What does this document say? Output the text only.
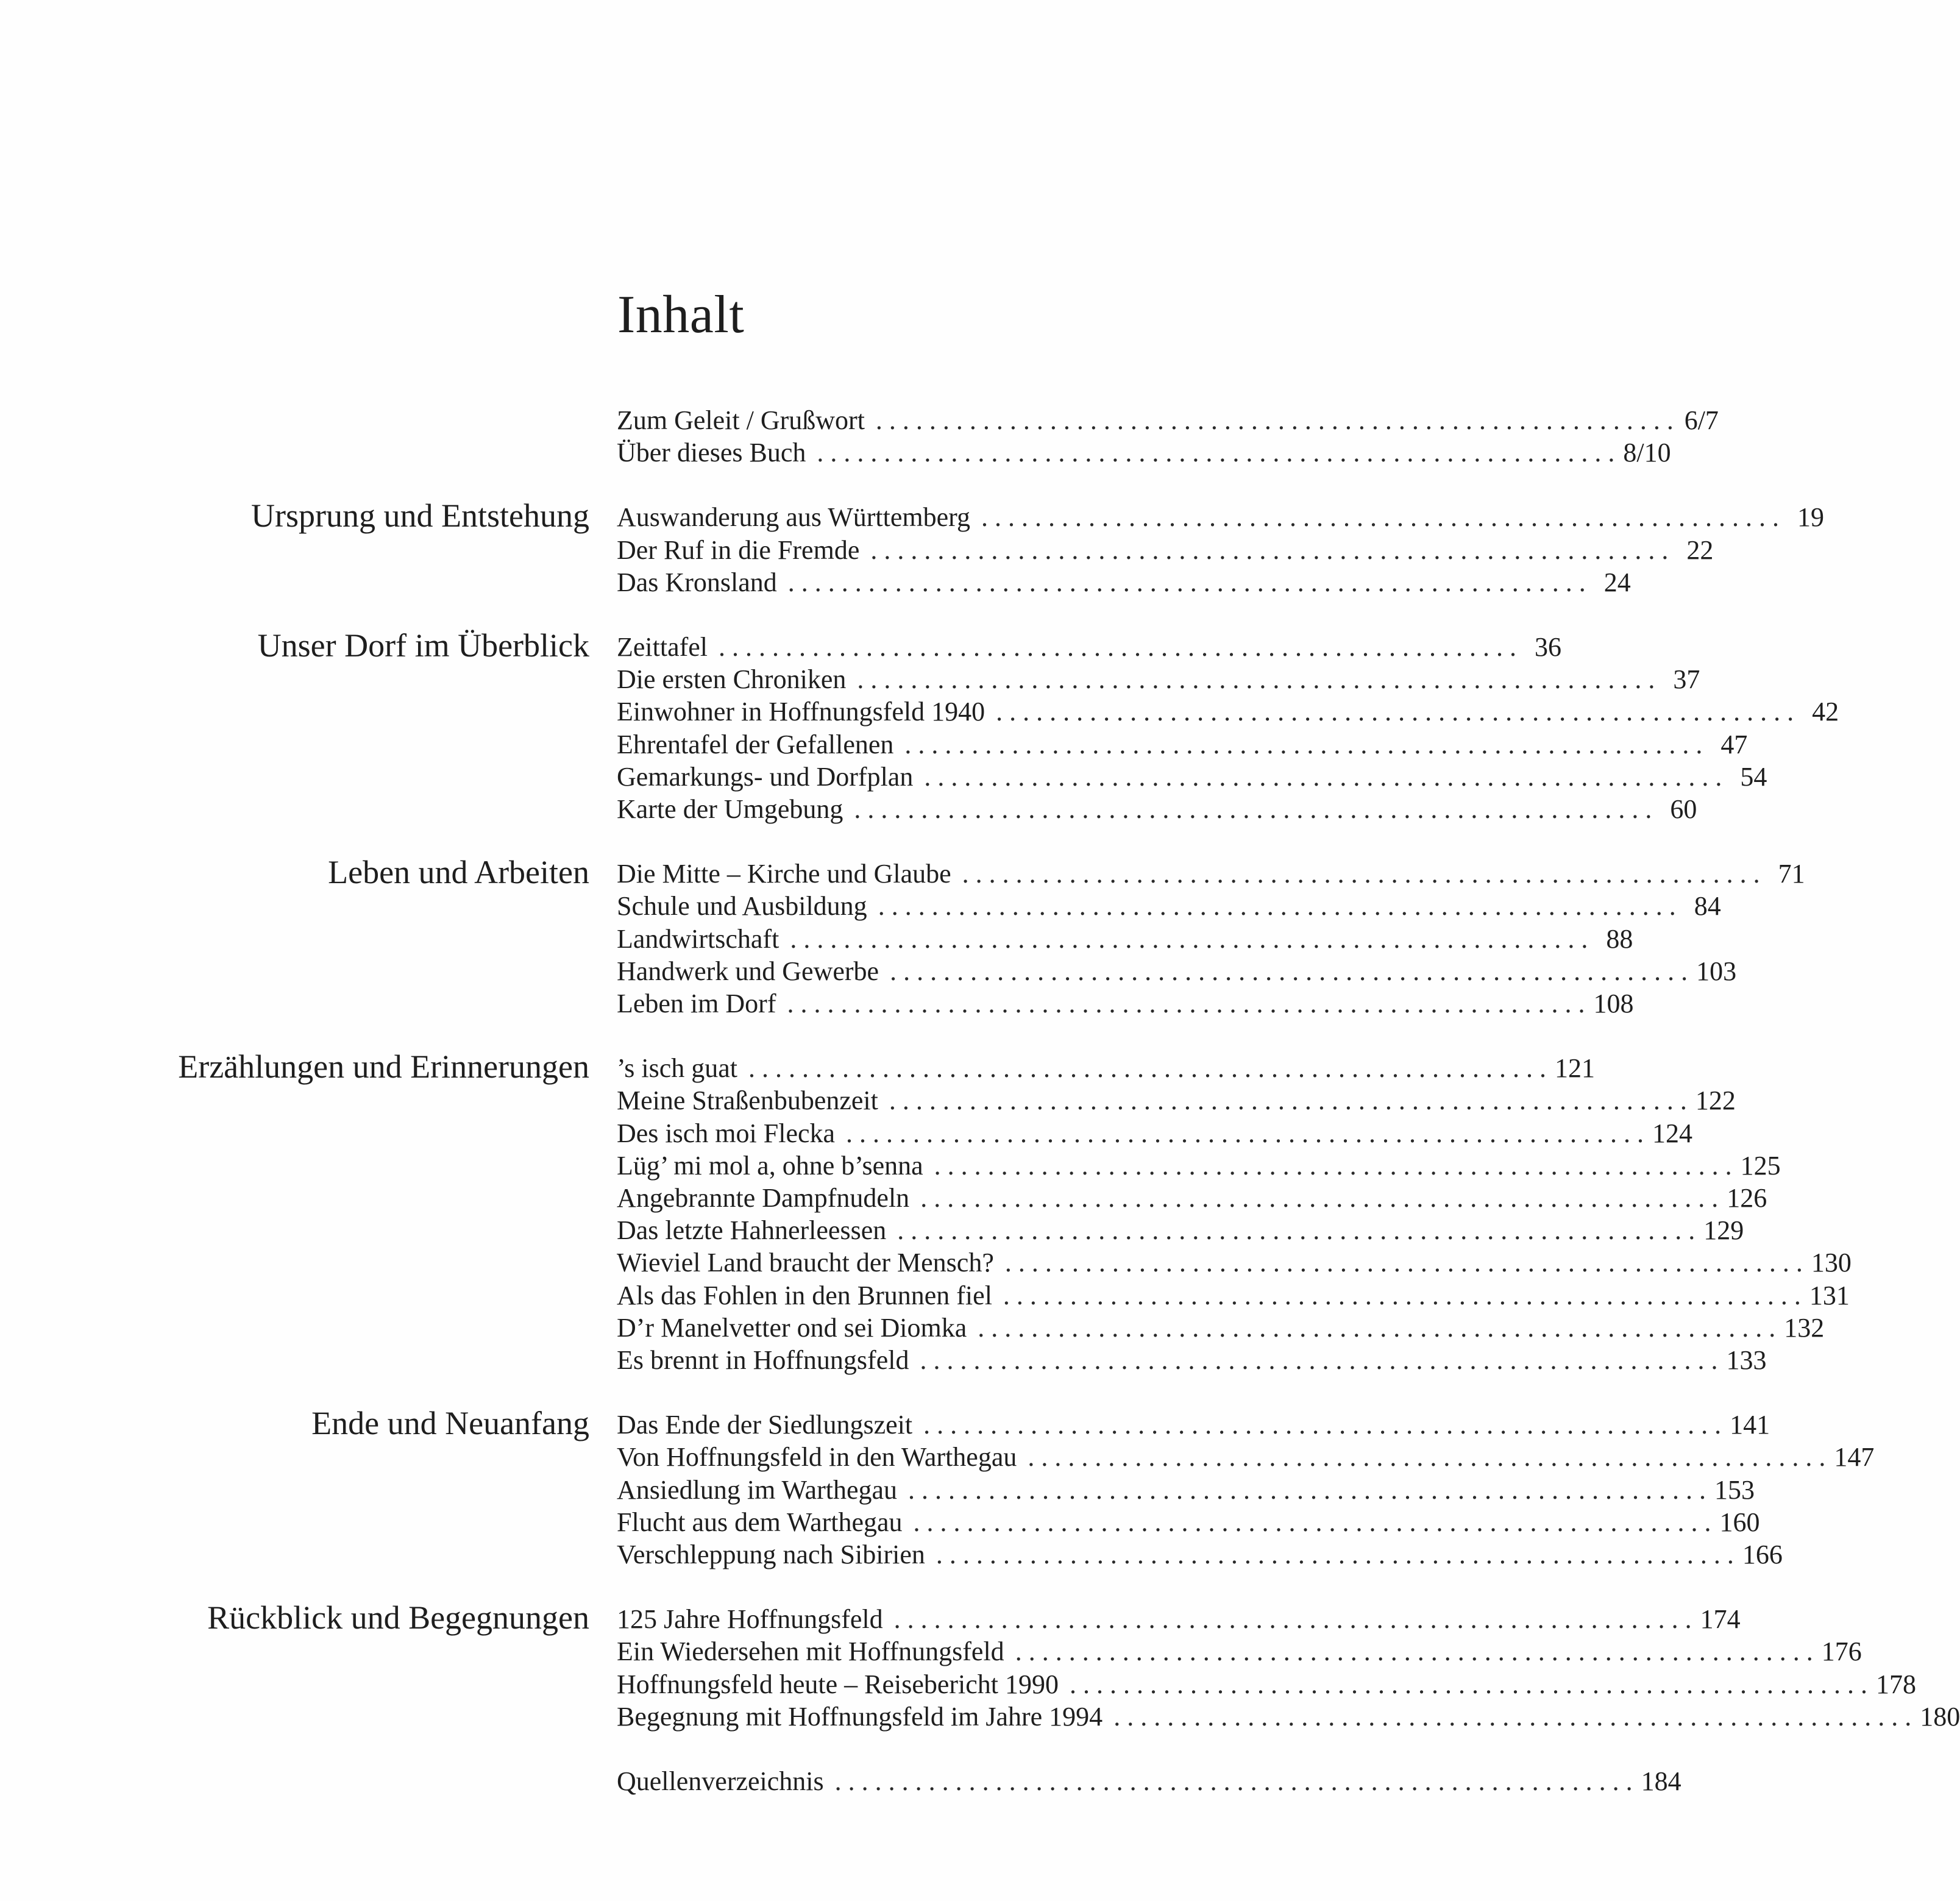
Inhalt
Zum Geleit / Grußwort . . . . . . . . . . . . . . . . . . . . . . . . . . . . . . . . . . . . . . . . . . . . . . . . . . . . . . . . . . . . 6/7
Über dieses Buch . . . . . . . . . . . . . . . . . . . . . . . . . . . . . . . . . . . . . . . . . . . . . . . . . . . . . . . . . . . . 8/10
Ursprung und Entstehung Auswanderung aus Württemberg . . . . . . . . . . . . . . . . . . . . . . . . . . . . . . . . . . . . . . . . . . . . . . . . . . . . . . . . . . . . 19
Der Ruf in die Fremde . . . . . . . . . . . . . . . . . . . . . . . . . . . . . . . . . . . . . . . . . . . . . . . . . . . . . . . . . . . . 22
Das Kronsland . . . . . . . . . . . . . . . . . . . . . . . . . . . . . . . . . . . . . . . . . . . . . . . . . . . . . . . . . . . . 24
Unser Dorf im Überblick Zeittafel . . . . . . . . . . . . . . . . . . . . . . . . . . . . . . . . . . . . . . . . . . . . . . . . . . . . . . . . . . . . 36
Die ersten Chroniken . . . . . . . . . . . . . . . . . . . . . . . . . . . . . . . . . . . . . . . . . . . . . . . . . . . . . . . . . . . . 37
Einwohner in Hoffnungsfeld 1940 . . . . . . . . . . . . . . . . . . . . . . . . . . . . . . . . . . . . . . . . . . . . . . . . . . . . . . . . . . . . 42
Ehrentafel der Gefallenen . . . . . . . . . . . . . . . . . . . . . . . . . . . . . . . . . . . . . . . . . . . . . . . . . . . . . . . . . . . . 47
Gemarkungs- und Dorfplan . . . . . . . . . . . . . . . . . . . . . . . . . . . . . . . . . . . . . . . . . . . . . . . . . . . . . . . . . . . . 54
Karte der Umgebung . . . . . . . . . . . . . . . . . . . . . . . . . . . . . . . . . . . . . . . . . . . . . . . . . . . . . . . . . . . . 60
Leben und Arbeiten Die Mitte – Kirche und Glaube . . . . . . . . . . . . . . . . . . . . . . . . . . . . . . . . . . . . . . . . . . . . . . . . . . . . . . . . . . . . 71
Schule und Ausbildung . . . . . . . . . . . . . . . . . . . . . . . . . . . . . . . . . . . . . . . . . . . . . . . . . . . . . . . . . . . . 84
Landwirtschaft . . . . . . . . . . . . . . . . . . . . . . . . . . . . . . . . . . . . . . . . . . . . . . . . . . . . . . . . . . . . 88
Handwerk und Gewerbe . . . . . . . . . . . . . . . . . . . . . . . . . . . . . . . . . . . . . . . . . . . . . . . . . . . . . . . . . . . . 103
Leben im Dorf . . . . . . . . . . . . . . . . . . . . . . . . . . . . . . . . . . . . . . . . . . . . . . . . . . . . . . . . . . . . 108
Erzählungen und Erinnerungen ’s isch guat . . . . . . . . . . . . . . . . . . . . . . . . . . . . . . . . . . . . . . . . . . . . . . . . . . . . . . . . . . . . 121
Meine Straßenbubenzeit . . . . . . . . . . . . . . . . . . . . . . . . . . . . . . . . . . . . . . . . . . . . . . . . . . . . . . . . . . . . 122
Des isch moi Flecka . . . . . . . . . . . . . . . . . . . . . . . . . . . . . . . . . . . . . . . . . . . . . . . . . . . . . . . . . . . . 124
Lüg’ mi mol a, ohne b’senna . . . . . . . . . . . . . . . . . . . . . . . . . . . . . . . . . . . . . . . . . . . . . . . . . . . . . . . . . . . . 125
Angebrannte Dampfnudeln . . . . . . . . . . . . . . . . . . . . . . . . . . . . . . . . . . . . . . . . . . . . . . . . . . . . . . . . . . . . 126
Das letzte Hahnerleessen . . . . . . . . . . . . . . . . . . . . . . . . . . . . . . . . . . . . . . . . . . . . . . . . . . . . . . . . . . . . 129
Wieviel Land braucht der Mensch? . . . . . . . . . . . . . . . . . . . . . . . . . . . . . . . . . . . . . . . . . . . . . . . . . . . . . . . . . . . . 130
Als das Fohlen in den Brunnen fiel . . . . . . . . . . . . . . . . . . . . . . . . . . . . . . . . . . . . . . . . . . . . . . . . . . . . . . . . . . . . 131
D’r Manelvetter ond sei Diomka . . . . . . . . . . . . . . . . . . . . . . . . . . . . . . . . . . . . . . . . . . . . . . . . . . . . . . . . . . . . 132
Es brennt in Hoffnungsfeld . . . . . . . . . . . . . . . . . . . . . . . . . . . . . . . . . . . . . . . . . . . . . . . . . . . . . . . . . . . . 133
Ende und Neuanfang Das Ende der Siedlungszeit . . . . . . . . . . . . . . . . . . . . . . . . . . . . . . . . . . . . . . . . . . . . . . . . . . . . . . . . . . . . 141
Von Hoffnungsfeld in den Warthegau . . . . . . . . . . . . . . . . . . . . . . . . . . . . . . . . . . . . . . . . . . . . . . . . . . . . . . . . . . . . 147
Ansiedlung im Warthegau . . . . . . . . . . . . . . . . . . . . . . . . . . . . . . . . . . . . . . . . . . . . . . . . . . . . . . . . . . . . 153
Flucht aus dem Warthegau . . . . . . . . . . . . . . . . . . . . . . . . . . . . . . . . . . . . . . . . . . . . . . . . . . . . . . . . . . . . 160
Verschleppung nach Sibirien . . . . . . . . . . . . . . . . . . . . . . . . . . . . . . . . . . . . . . . . . . . . . . . . . . . . . . . . . . . . 166
Rückblick und Begegnungen 125 Jahre Hoffnungsfeld . . . . . . . . . . . . . . . . . . . . . . . . . . . . . . . . . . . . . . . . . . . . . . . . . . . . . . . . . . . . 174
Ein Wiedersehen mit Hoffnungsfeld . . . . . . . . . . . . . . . . . . . . . . . . . . . . . . . . . . . . . . . . . . . . . . . . . . . . . . . . . . . . 176
Hoffnungsfeld heute – Reisebericht 1990 . . . . . . . . . . . . . . . . . . . . . . . . . . . . . . . . . . . . . . . . . . . . . . . . . . . . . . . . . . . . 178
Begegnung mit Hoffnungsfeld im Jahre 1994 . . . . . . . . . . . . . . . . . . . . . . . . . . . . . . . . . . . . . . . . . . . . . . . . . . . . . . . . . . . . 180
Quellenverzeichnis . . . . . . . . . . . . . . . . . . . . . . . . . . . . . . . . . . . . . . . . . . . . . . . . . . . . . . . . . . . . 184
